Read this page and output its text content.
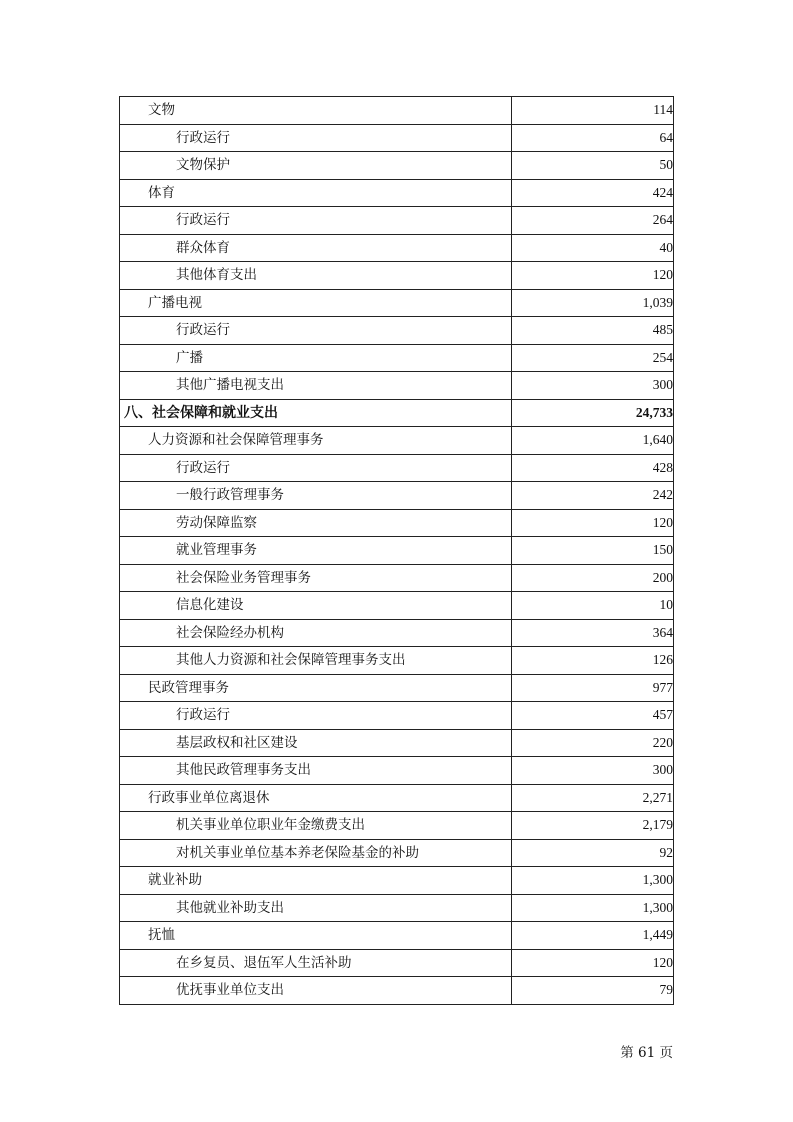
文物	114
行政运行	64
文物保护	50
体育	424
行政运行	264
群众体育	40
其他体育支出	120
广播电视	1,039
行政运行	485
广播	254
其他广播电视支出	300
八、社会保障和就业支出	24,733
人力资源和社会保障管理事务	1,640
行政运行	428
一般行政管理事务	242
劳动保障监察	120
就业管理事务	150
社会保险业务管理事务	200
信息化建设	10
社会保险经办机构	364
其他人力资源和社会保障管理事务支出	126
民政管理事务	977
行政运行	457
基层政权和社区建设	220
其他民政管理事务支出	300
行政事业单位离退休	2,271
机关事业单位职业年金缴费支出	2,179
对机关事业单位基本养老保险基金的补助	92
就业补助	1,300
其他就业补助支出	1,300
抚恤	1,449
在乡复员、退伍军人生活补助	120
优抚事业单位支出	79
第 61 页
